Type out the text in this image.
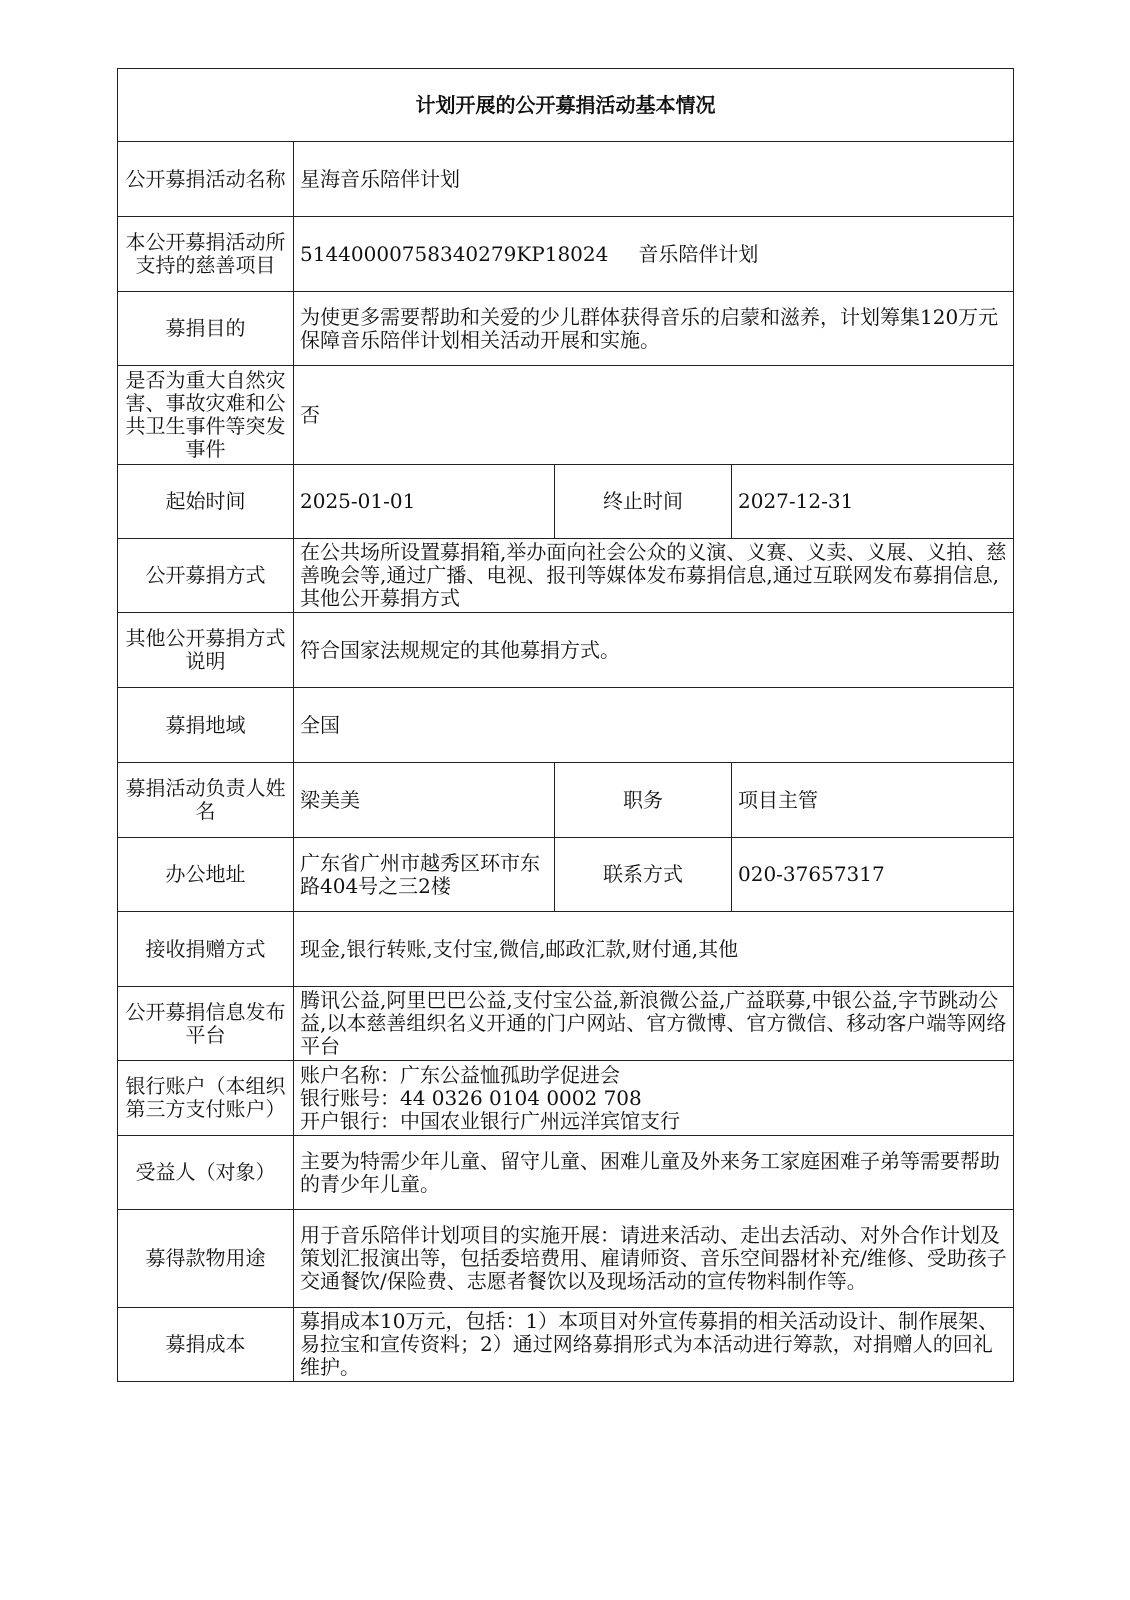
计划开展的公开募捐活动基本情况			
公开募捐活动名称	星海音乐陪伴计划		
本公开募捐活动所支持的慈善项目	51440000758340279KP18024 音乐陪伴计划		
募捐目的	为使更多需要帮助和关爱的少儿群体获得音乐的启蒙和滋养，计划筹集120万元保障音乐陪伴计划相关活动开展和实施。		
是否为重大自然灾害、事故灾难和公共卫生事件等突发事件	否		
起始时间	2025-01-01	终止时间	2027-12-31
公开募捐方式	在公共场所设置募捐箱,举办面向社会公众的义演、义赛、义卖、义展、义拍、慈善晚会等,通过广播、电视、报刊等媒体发布募捐信息,通过互联网发布募捐信息,其他公开募捐方式		
其他公开募捐方式说明	符合国家法规规定的其他募捐方式。		
募捐地域	全国		
募捐活动负责人姓名	梁美美	职务	项目主管
办公地址	广东省广州市越秀区环市东路404号之三2楼	联系方式	020-37657317
接收捐赠方式	现金,银行转账,支付宝,微信,邮政汇款,财付通,其他		
公开募捐信息发布平台	腾讯公益,阿里巴巴公益,支付宝公益,新浪微公益,广益联募,中银公益,字节跳动公益,以本慈善组织名义开通的门户网站、官方微博、官方微信、移动客户端等网络平台		
银行账户（本组织第三方支付账户）	账户名称：广东公益恤孤助学促进会
银行账号：44 0326 0104 0002 708
开户银行：中国农业银行广州远洋宾馆支行		

受益人（对象）	主要为特需少年儿童、留守儿童、困难儿童及外来务工家庭困难子弟等需要帮助的青少年儿童。		
募得款物用途	用于音乐陪伴计划项目的实施开展：请进来活动、走出去活动、对外合作计划及策划汇报演出等，包括委培费用、雇请师资、音乐空间器材补充/维修、受助孩子交通餐饮/保险费、志愿者餐饮以及现场活动的宣传物料制作等。		
募捐成本	募捐成本10万元，包括：1）本项目对外宣传募捐的相关活动设计、制作展架、易拉宝和宣传资料；2）通过网络募捐形式为本活动进行筹款，对捐赠人的回礼维护。		
